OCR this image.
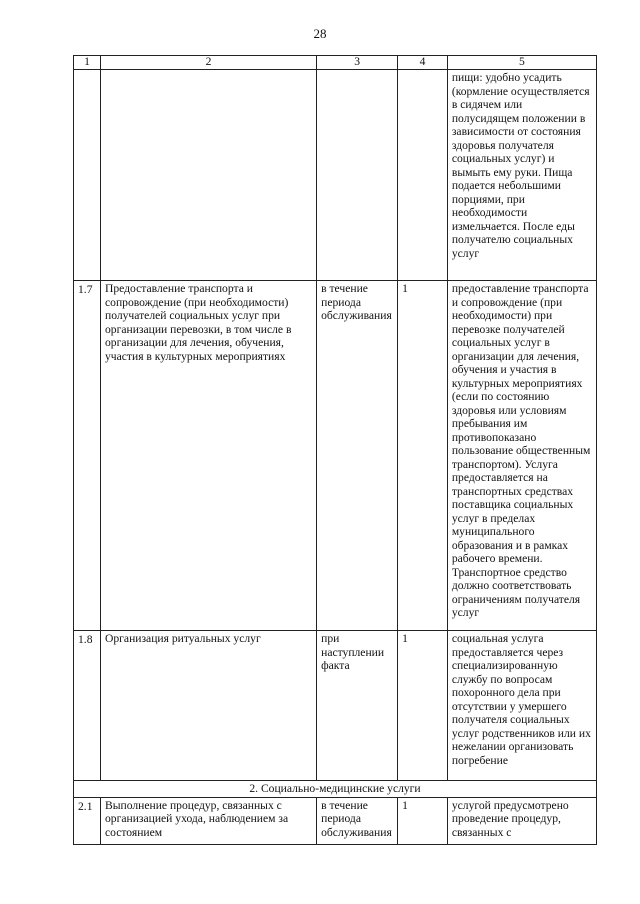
28
1	2	3	4	5
				пищи: удобно усадить (кормление осуществляется в сидячем или полусидящем положении в зависимости от состояния здоровья получателя социальных услуг) и вымыть ему руки. Пища подается небольшими порциями, при необходимости измельчается. После еды получателю социальных услуг
1.7	Предоставление транспорта и сопровождение (при необходимости) получателей социальных услуг при организации перевозки, в том числе в организации для лечения, обучения, участия в культурных мероприятиях	в течение периода обслуживания	1	предоставление транспорта и сопровождение (при необходимости) при перевозке получателей социальных услуг в организации для лечения, обучения и участия в культурных мероприятиях (если по состоянию здоровья или условиям пребывания им противопоказано пользование общественным транспортом). Услуга предоставляется на транспортных средствах поставщика социальных услуг в пределах муниципального образования и в рамках рабочего времени. Транспортное средство должно соответствовать ограничениям получателя услуг
1.8	Организация ритуальных услуг	при наступлении факта	1	социальная услуга предоставляется через специализированную службу по вопросам похоронного дела при отсутствии у умершего получателя социальных услуг родственников или их нежелании организовать погребение
2. Социально-медицинские услуги				
2.1	Выполнение процедур, связанных с организацией ухода, наблюдением за состоянием	в течение периода обслуживания	1	услугой предусмотрено проведение процедур, связанных с
